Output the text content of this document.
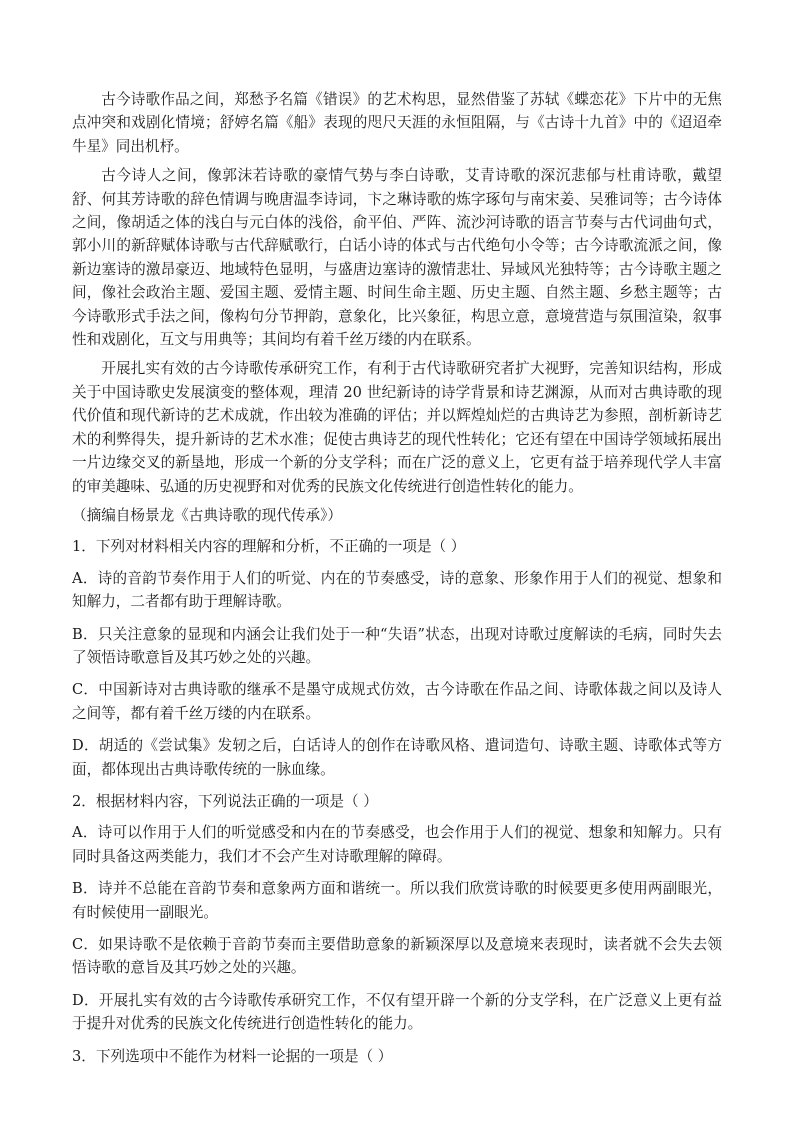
古今诗歌作品之间，郑愁予名篇《错误》的艺术构思，显然借鉴了苏轼《蝶恋花》下片中的无焦点冲突和戏剧化情境；舒婷名篇《船》表现的咫尺天涯的永恒阻隔，与《古诗十九首》中的《迢迢牵牛星》同出机杼。

古今诗人之间，像郭沫若诗歌的豪情气势与李白诗歌，艾青诗歌的深沉悲郁与杜甫诗歌，戴望舒、何其芳诗歌的辞色情调与晚唐温李诗词，卞之琳诗歌的炼字琢句与南宋姜、吴雅词等；古今诗体之间，像胡适之体的浅白与元白体的浅俗，俞平伯、严阵、流沙河诗歌的语言节奏与古代词曲句式，郭小川的新辞赋体诗歌与古代辞赋歌行，白话小诗的体式与古代绝句小令等；古今诗歌流派之间，像新边塞诗的激昂豪迈、地域特色显明，与盛唐边塞诗的激情悲壮、异域风光独特等；古今诗歌主题之间，像社会政治主题、爱国主题、爱情主题、时间生命主题、历史主题、自然主题、乡愁主题等；古今诗歌形式手法之间，像构句分节押韵，意象化，比兴象征，构思立意，意境营造与氛围渲染，叙事性和戏剧化，互文与用典等；其间均有着千丝万缕的内在联系。

开展扎实有效的古今诗歌传承研究工作，有利于古代诗歌研究者扩大视野，完善知识结构，形成关于中国诗歌史发展演变的整体观，理清 20 世纪新诗的诗学背景和诗艺渊源，从而对古典诗歌的现代价值和现代新诗的艺术成就，作出较为准确的评估；并以辉煌灿烂的古典诗艺为参照，剖析新诗艺术的利弊得失，提升新诗的艺术水准；促使古典诗艺的现代性转化；它还有望在中国诗学领域拓展出一片边缘交叉的新垦地，形成一个新的分支学科；而在广泛的意义上，它更有益于培养现代学人丰富的审美趣味、弘通的历史视野和对优秀的民族文化传统进行创造性转化的能力。

（摘编自杨景龙《古典诗歌的现代传承》）

1．下列对材料相关内容的理解和分析，不正确的一项是（ ）

A．诗的音韵节奏作用于人们的听觉、内在的节奏感受，诗的意象、形象作用于人们的视觉、想象和知解力，二者都有助于理解诗歌。

B．只关注意象的显现和内涵会让我们处于一种“失语”状态，出现对诗歌过度解读的毛病，同时失去了领悟诗歌意旨及其巧妙之处的兴趣。

C．中国新诗对古典诗歌的继承不是墨守成规式仿效，古今诗歌在作品之间、诗歌体裁之间以及诗人之间等，都有着千丝万缕的内在联系。

D．胡适的《尝试集》发轫之后，白话诗人的创作在诗歌风格、遣词造句、诗歌主题、诗歌体式等方面，都体现出古典诗歌传统的一脉血缘。

2．根据材料内容，下列说法正确的一项是（ ）

A．诗可以作用于人们的听觉感受和内在的节奏感受，也会作用于人们的视觉、想象和知解力。只有同时具备这两类能力，我们才不会产生对诗歌理解的障碍。

B．诗并不总能在音韵节奏和意象两方面和谐统一。所以我们欣赏诗歌的时候要更多使用两副眼光，有时候使用一副眼光。

C．如果诗歌不是依赖于音韵节奏而主要借助意象的新颖深厚以及意境来表现时，读者就不会失去领悟诗歌的意旨及其巧妙之处的兴趣。

D．开展扎实有效的古今诗歌传承研究工作，不仅有望开辟一个新的分支学科，在广泛意义上更有益于提升对优秀的民族文化传统进行创造性转化的能力。

3．下列选项中不能作为材料一论据的一项是（ ）
